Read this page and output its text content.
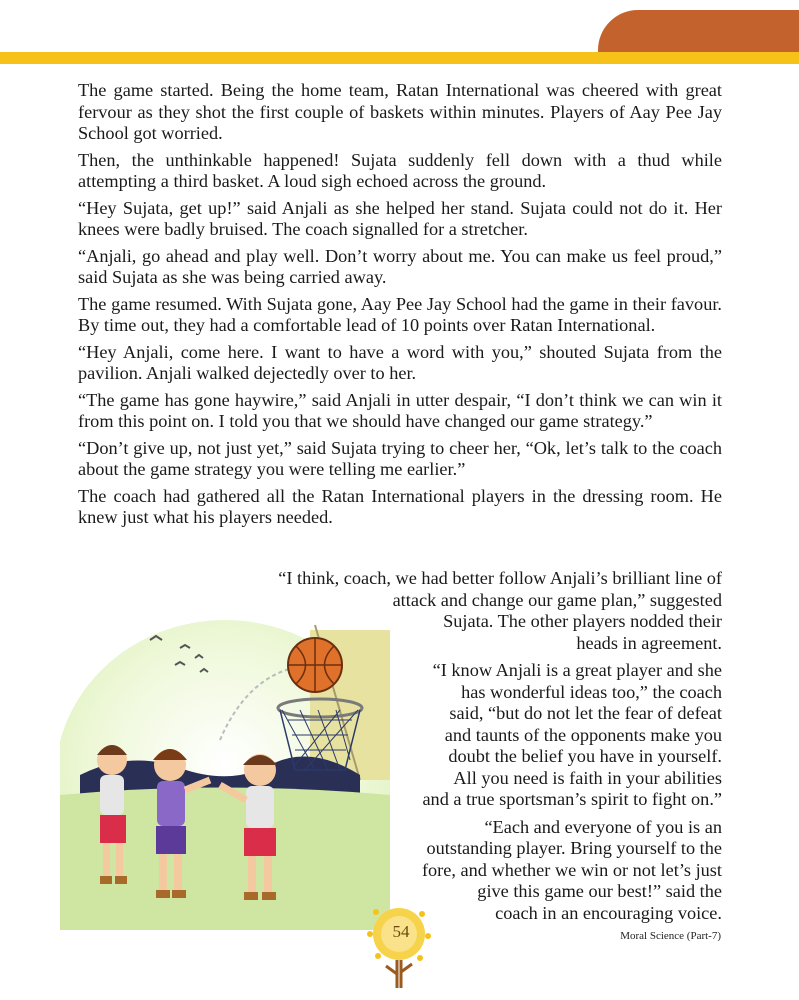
The game started. Being the home team, Ratan International was cheered with great fervour as they shot the first couple of baskets within minutes. Players of Aay Pee Jay School got worried.

Then, the unthinkable happened! Sujata suddenly fell down with a thud while attempting a third basket. A loud sigh echoed across the ground.

“Hey Sujata, get up!” said Anjali as she helped her stand. Sujata could not do it. Her knees were badly bruised. The coach signalled for a stretcher.

“Anjali, go ahead and play well. Don’t worry about me. You can make us feel proud,” said Sujata as she was being carried away.

The game resumed. With Sujata gone, Aay Pee Jay School had the game in their favour. By time out, they had a comfortable lead of 10 points over Ratan International.

“Hey Anjali, come here. I want to have a word with you,” shouted Sujata from the pavilion. Anjali walked dejectedly over to her.

“The game has gone haywire,” said Anjali in utter despair, “I don’t think we can win it from this point on. I told you that we should have changed our game strategy.”

“Don’t give up, not just yet,” said Sujata trying to cheer her, “Ok, let’s talk to the coach about the game strategy you were telling me earlier.”

The coach had gathered all the Ratan International players in the dressing room. He knew just what his players needed.

“I think, coach, we had better follow Anjali’s brilliant line of

attack and change our game plan,” suggested

Sujata. The other players nodded their

heads in agreement.

“I know Anjali is a great player and she

has wonderful ideas too,” the coach

said, “but do not let the fear of defeat

and taunts of the opponents make you

doubt the belief you have in yourself.

All you need is faith in your abilities

and a true sportsman’s spirit to fight on.”

“Each and everyone of you is an

outstanding player. Bring yourself to the

fore, and whether we win or not let’s just

give this game our best!” said the

coach in an encouraging voice.

54	Moral Science (Part-7)
